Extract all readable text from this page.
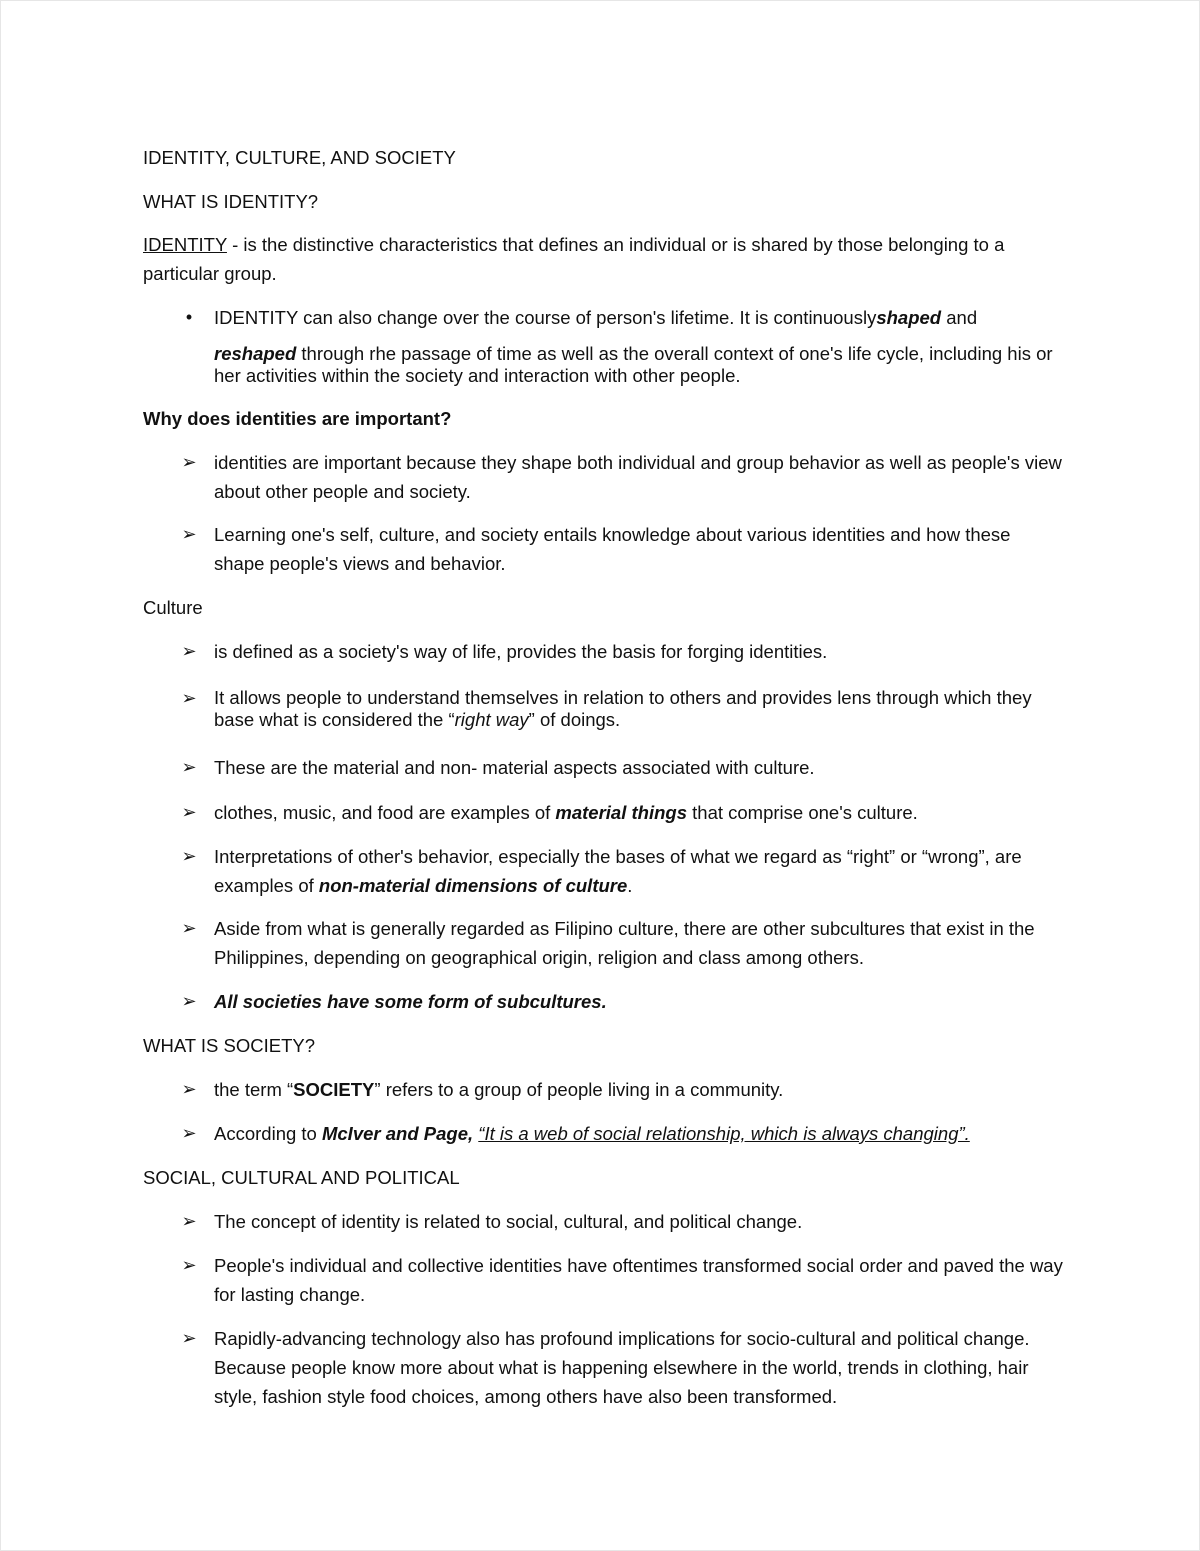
IDENTITY, CULTURE, AND SOCIETY
WHAT IS IDENTITY?
IDENTITY - is the distinctive characteristics that defines an individual or is shared by those belonging to a particular group.
•	IDENTITY can also change over the course of person's lifetime. It is continuouslyshaped and
reshaped through rhe passage of time as well as the overall context of one's life cycle, including his or her activities within the society and interaction with other people.
Why does identities are important?
➢ identities are important because they shape both individual and group behavior as well as people's view about other people and society.
➢ Learning one's self, culture, and society entails knowledge about various identities and how these shape people's views and behavior.
Culture
➢ is defined as a society's way of life, provides the basis for forging identities.
➢ It allows people to understand themselves in relation to others and provides lens through which they base what is considered the “right way” of doings.
➢ These are the material and non- material aspects associated with culture.
➢ clothes, music, and food are examples of material things that comprise one's culture.
➢ Interpretations of other's behavior, especially the bases of what we regard as “right” or “wrong”, are examples of non-material dimensions of culture.
➢ Aside from what is generally regarded as Filipino culture, there are other subcultures that exist in the Philippines, depending on geographical origin, religion and class among others.
➢ All societies have some form of subcultures.
WHAT IS SOCIETY?
➢ the term “SOCIETY” refers to a group of people living in a community.
➢ According to McIver and Page, “It is a web of social relationship, which is always changing”.
SOCIAL, CULTURAL AND POLITICAL
➢ The concept of identity is related to social, cultural, and political change.
➢ People's individual and collective identities have oftentimes transformed social order and paved the way for lasting change.
➢ Rapidly-advancing technology also has profound implications for socio-cultural and political change. Because people know more about what is happening elsewhere in the world, trends in clothing, hair style, fashion style food choices, among others have also been transformed.
